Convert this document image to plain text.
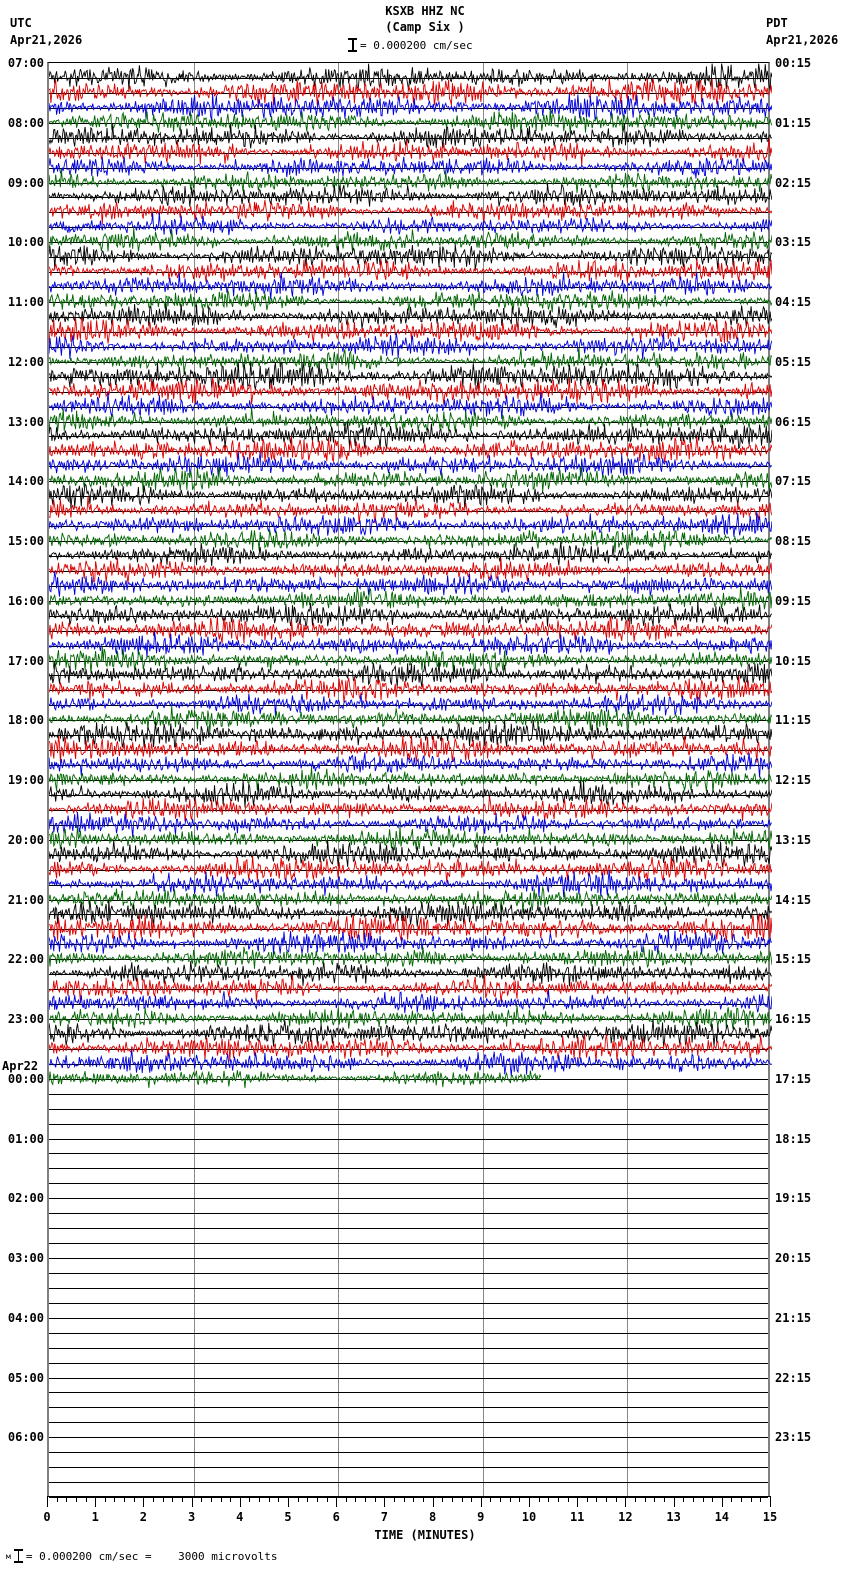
KSXB HHZ NC
(Camp Six )
UTC
Apr21,2026
PDT
Apr21,2026
= 0.000200 cm/sec
TIME (MINUTES)
м = 0.000200 cm/sec =    3000 microvolts
07:00
08:00
09:00
10:00
11:00
12:00
13:00
14:00
15:00
16:00
17:00
18:00
19:00
20:00
21:00
22:00
23:00
00:00
01:00
02:00
03:00
04:00
05:00
06:00
00:15
01:15
02:15
03:15
04:15
05:15
06:15
07:15
08:15
09:15
10:15
11:15
12:15
13:15
14:15
15:15
16:15
17:15
18:15
19:15
20:15
21:15
22:15
23:15
Apr22
0	1	2	3	4	5	6	7	8	9	10	11	12	13	14	15
